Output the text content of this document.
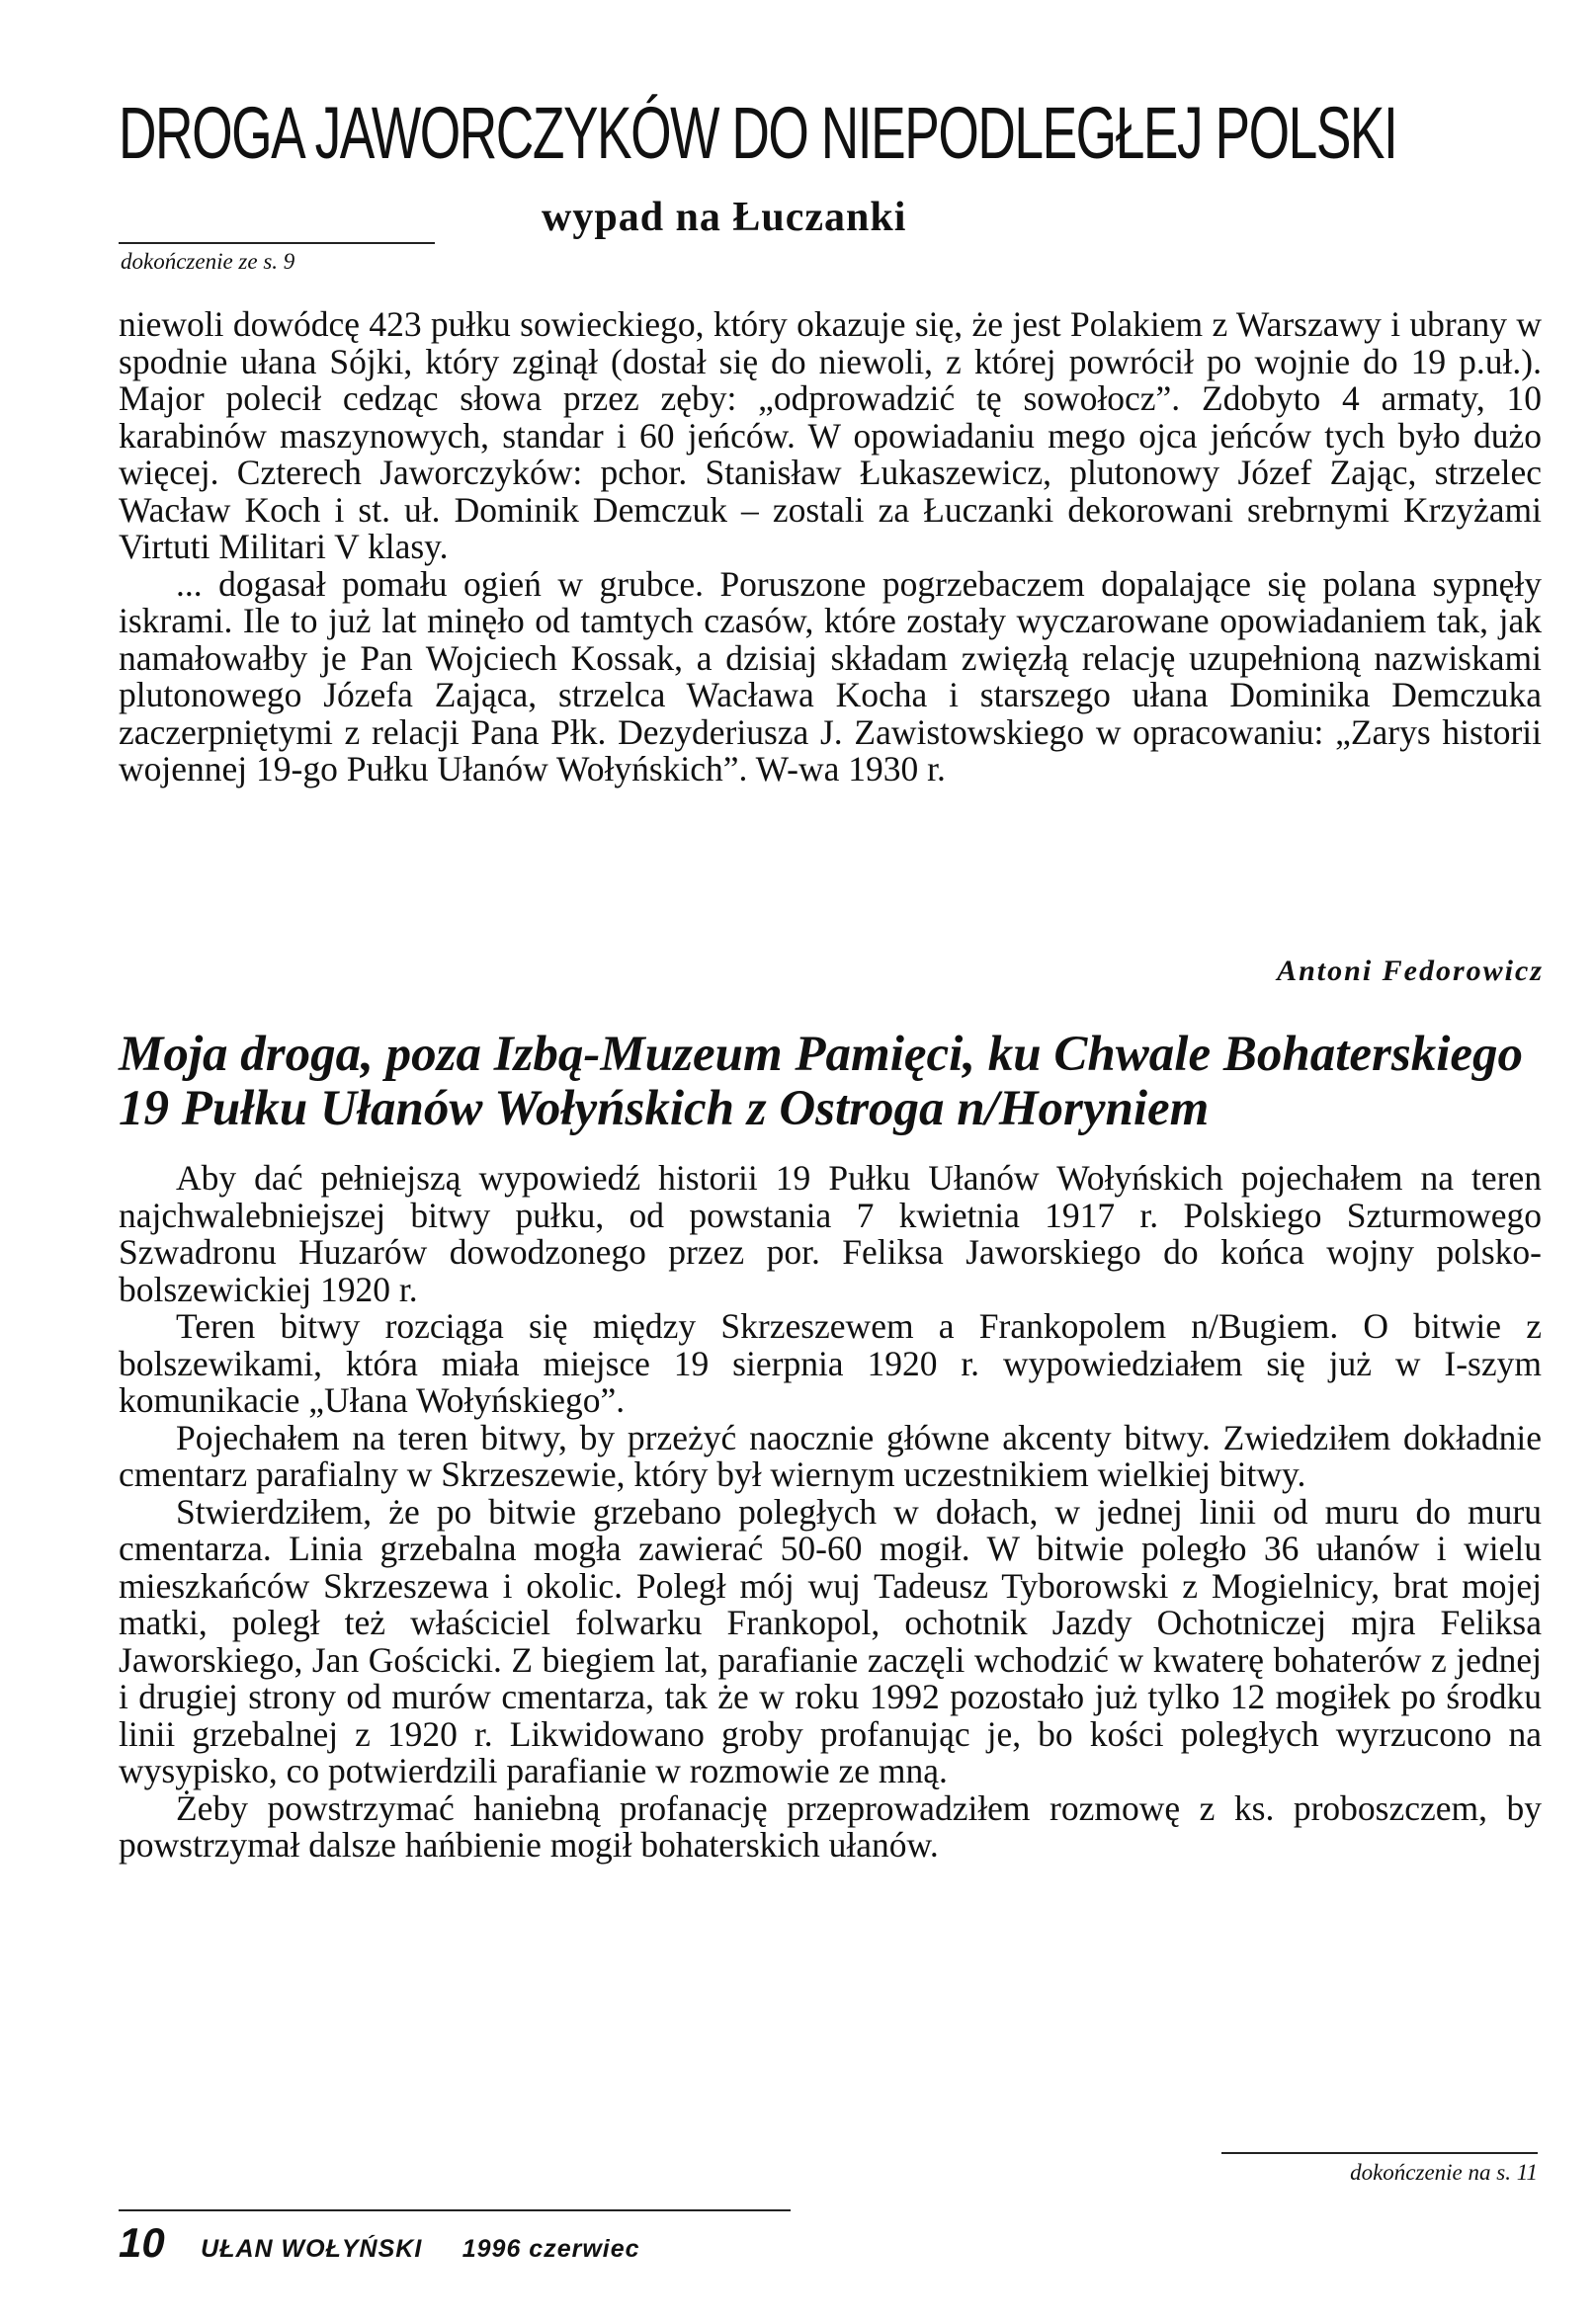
DROGA JAWORCZYKÓW DO NIEPODLEGŁEJ POLSKI
wypad na Łuczanki
dokończenie ze s. 9

niewoli dowódcę 423 pułku sowieckiego, który okazuje się, że jest Polakiem z Warszawy i ubrany w spodnie ułana Sójki, który zginął (dostał się do niewoli, z której powrócił po wojnie do 19 p.uł.). Major polecił cedząc słowa przez zęby: „odprowadzić tę sowołocz”. Zdobyto 4 armaty, 10 karabinów maszynowych, standar i 60 jeńców. W opowiadaniu mego ojca jeńców tych było dużo więcej. Czterech Jaworczyków: pchor. Stanisław Łukaszewicz, plutonowy Józef Zając, strzelec Wacław Koch i st. uł. Dominik Demczuk – zostali za Łuczanki dekorowani srebrnymi Krzyżami Virtuti Militari V klasy.

... dogasał pomału ogień w grubce. Poruszone pogrzebaczem dopalające się polana sypnęły iskrami. Ile to już lat minęło od tamtych czasów, które zostały wyczarowane opowiadaniem tak, jak namałowałby je Pan Wojciech Kossak, a dzisiaj składam zwięzłą relację uzupełnioną nazwiskami plutonowego Józefa Zająca, strzelca Wacława Kocha i starszego ułana Dominika Demczuka zaczerpniętymi z relacji Pana Płk. Dezyderiusza J. Zawistowskiego w opracowaniu: „Zarys historii wojennej 19-go Pułku Ułanów Wołyńskich”. W-wa 1930 r.

Antoni Fedorowicz
Moja droga, poza Izbą-Muzeum Pamięci, ku Chwale Bohaterskiego
19 Pułku Ułanów Wołyńskich z Ostroga n/Horyniem

Aby dać pełniejszą wypowiedź historii 19 Pułku Ułanów Wołyńskich pojechałem na teren najchwalebniejszej bitwy pułku, od powstania 7 kwietnia 1917 r. Polskiego Szturmowego Szwadronu Huzarów dowodzonego przez por. Feliksa Jaworskiego do końca wojny polsko-bolszewickiej 1920 r.

Teren bitwy rozciąga się między Skrzeszewem a Frankopolem n/Bugiem. O bitwie z bolszewikami, która miała miejsce 19 sierpnia 1920 r. wypowiedziałem się już w I-szym komunikacie „Ułana Wołyńskiego”.

Pojechałem na teren bitwy, by przeżyć naocznie główne akcenty bitwy. Zwiedziłem dokładnie cmentarz parafialny w Skrzeszewie, który był wiernym uczestnikiem wielkiej bitwy.

Stwierdziłem, że po bitwie grzebano poległych w dołach, w jednej linii od muru do muru cmentarza. Linia grzebalna mogła zawierać 50-60 mogił. W bitwie poległo 36 ułanów i wielu mieszkańców Skrzeszewa i okolic. Poległ mój wuj Tadeusz Tyborowski z Mogielnicy, brat mojej matki, poległ też właściciel folwarku Frankopol, ochotnik Jazdy Ochotniczej mjra Feliksa Jaworskiego, Jan Gościcki. Z biegiem lat, parafianie zaczęli wchodzić w kwaterę bohaterów z jednej i drugiej strony od murów cmentarza, tak że w roku 1992 pozostało już tylko 12 mogiłek po środku linii grzebalnej z 1920 r. Likwidowano groby profanując je, bo kości poległych wyrzucono na wysypisko, co potwierdzili parafianie w rozmowie ze mną.

Żeby powstrzymać haniebną profanację przeprowadziłem rozmowę z ks. proboszczem, by powstrzymał dalsze hańbienie mogił bohaterskich ułanów.

dokończenie na s. 11
10 UŁAN WOŁYŃSKI 1996 czerwiec
